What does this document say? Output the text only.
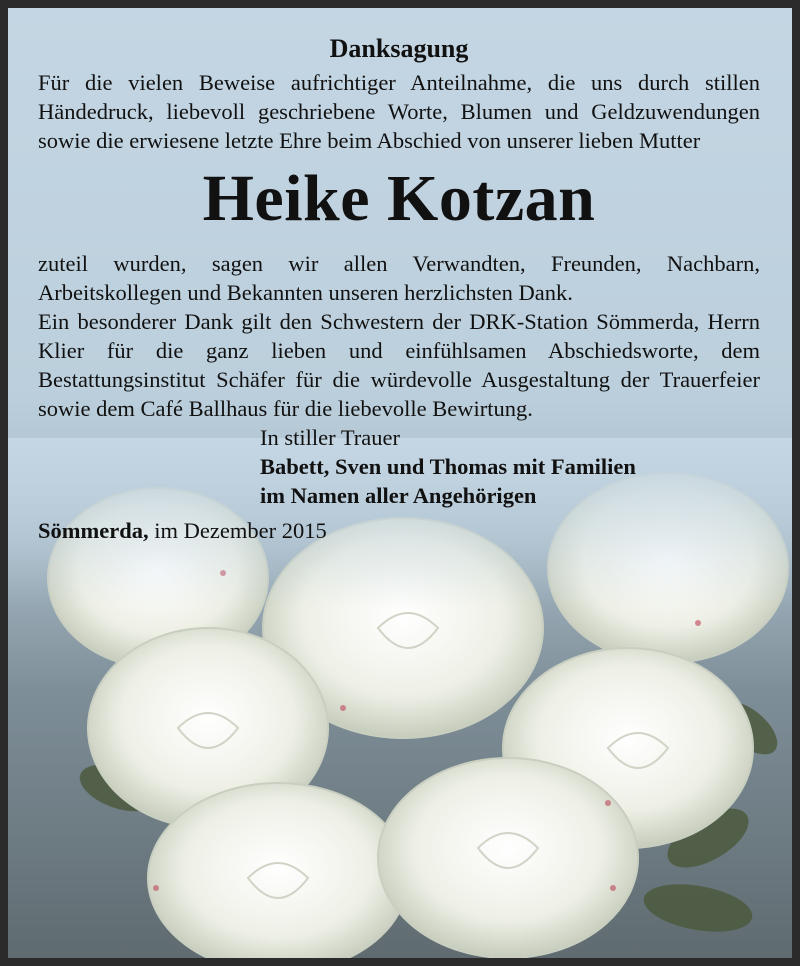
Danksagung

Für die vielen Beweise aufrichtiger Anteilnahme, die uns durch stillen Händedruck, liebevoll geschriebene Worte, Blumen und Geldzuwendungen sowie die erwiesene letzte Ehre beim Abschied von unserer lieben Mutter

Heike Kotzan

zuteil wurden, sagen wir allen Verwandten, Freunden, Nachbarn, Arbeitskollegen und Bekannten unseren herzlichsten Dank.

Ein besonderer Dank gilt den Schwestern der DRK-Station Sömmerda, Herrn Klier für die ganz lieben und einfühlsamen Abschiedsworte, dem Bestattungsinstitut Schäfer für die würdevolle Ausgestaltung der Trauerfeier sowie dem Café Ballhaus für die liebevolle Bewirtung.

In stiller Trauer
Babett, Sven und Thomas mit Familien
im Namen aller Angehörigen
Sömmerda, im Dezember 2015
